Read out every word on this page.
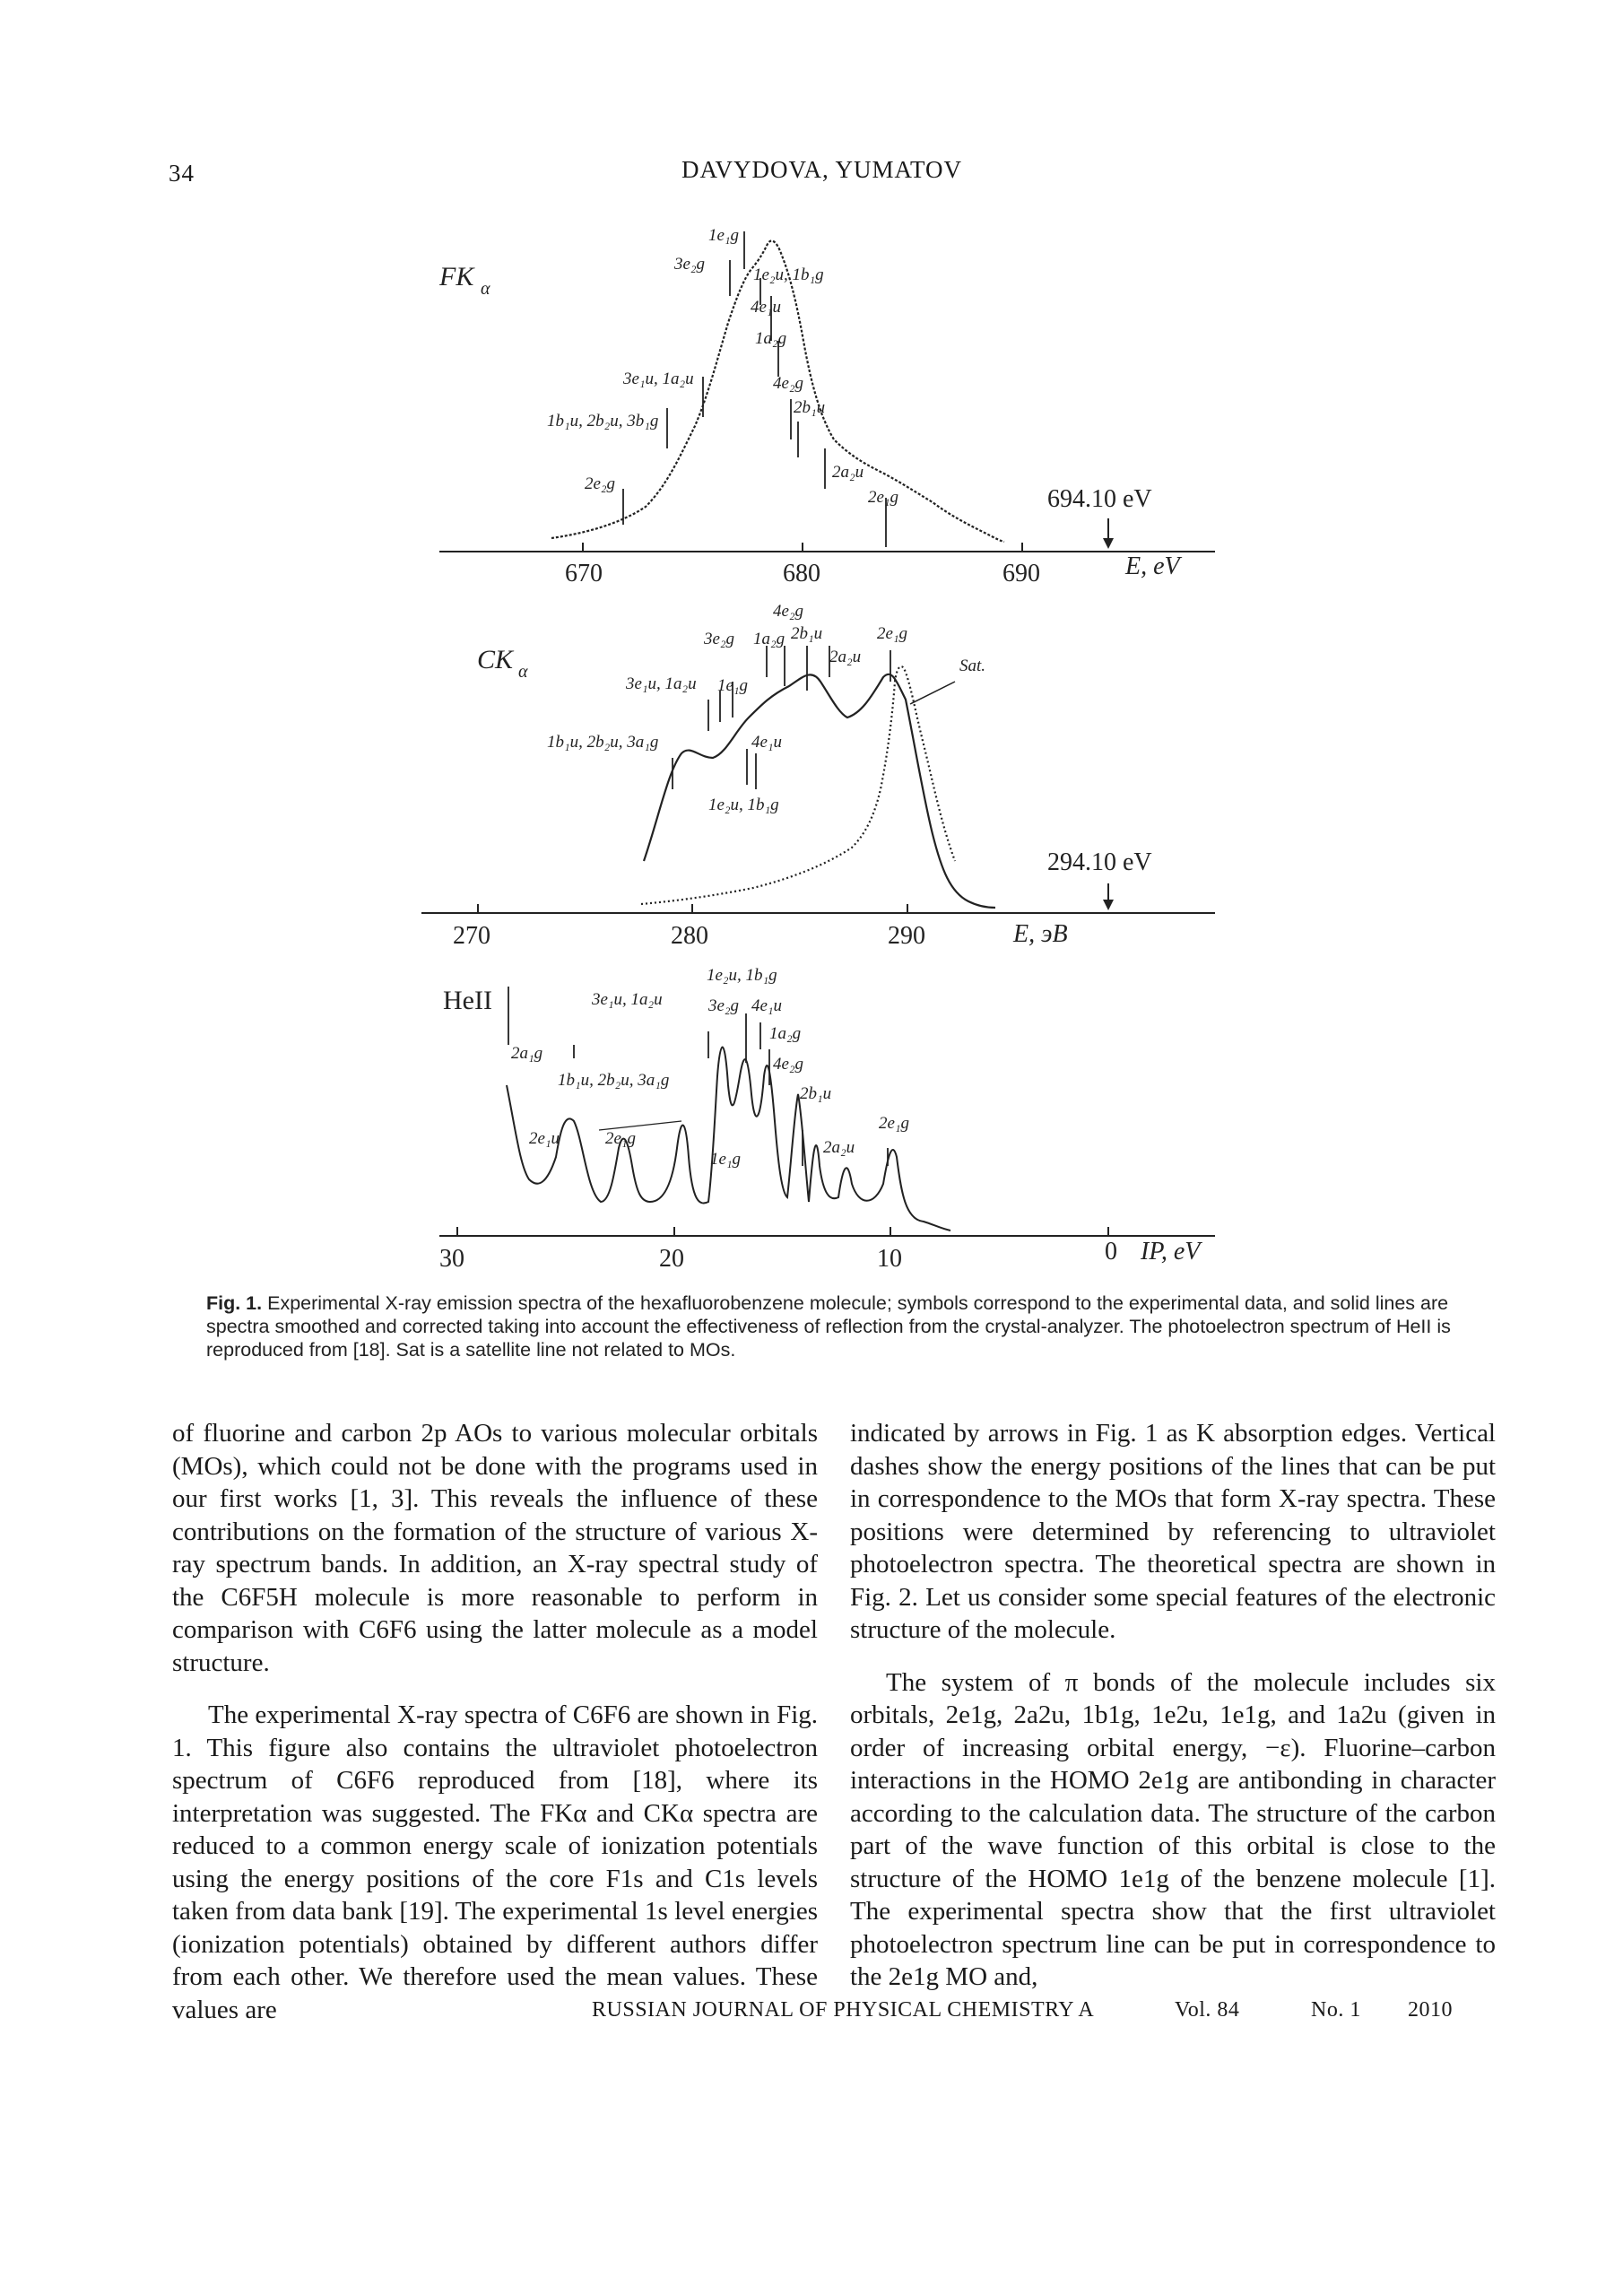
34	DAVYDOVA, YUMATOV
1e₁g
3e₂g
1e₂u, 1b₁g
4e₁u
1a₂g
3e₁u, 1a₂u	4e₂g
1b₁u, 2b₂u, 3b₁g
2b₁u
2e₂g
2a₂u
2e₁g
FK α
670	680	690	E, eV
694.10 eV
4e₂g
3e₂g 1a₂g 2b₁u	2e₁g
2a₂u
3e₁u, 1a₂u 1e₁g
1b₁u, 2b₂u, 3a₁g	4e₁u
1e₂u, 1b₁g
Sat.
CK α
270	280	290	E, эВ
294.10 eV
1e₂u, 1b₁g
3e₁u, 1a₂u	3e₂g 4e₁u
2a₁g
1a₂g
1b₁u, 2b₂u, 3a₁g
4e₂g
2b₁u
2e₁u	2e₁g
2e₁g
1e₁g
2a₂u
HeII
30	20	10	0 IP, eV
Fig. 1. Experimental X-ray emission spectra of the hexafluorobenzene molecule; symbols correspond to the experimental data, and solid lines are spectra smoothed and corrected taking into account the effectiveness of reflection from the crystal-analyzer. The photoelectron spectrum of HeII is reproduced from [18]. Sat is a satellite line not related to MOs.

of fluorine and carbon 2p AOs to various molecular orbitals (MOs), which could not be done with the programs used in our first works [1, 3]. This reveals the influence of these contributions on the formation of the structure of various X-ray spectrum bands. In addition, an X-ray spectral study of the C6F5H molecule is more reasonable to perform in comparison with C6F6 using the latter molecule as a model structure.

The experimental X-ray spectra of C6F6 are shown in Fig. 1. This figure also contains the ultraviolet photoelectron spectrum of C6F6 reproduced from [18], where its interpretation was suggested. The FKα and CKα spectra are reduced to a common energy scale of ionization potentials using the energy positions of the core F1s and C1s levels taken from data bank [19]. The experimental 1s level energies (ionization potentials) obtained by different authors differ from each other. We therefore used the mean values. These values are

indicated by arrows in Fig. 1 as K absorption edges. Vertical dashes show the energy positions of the lines that can be put in correspondence to the MOs that form X-ray spectra. These positions were determined by referencing to ultraviolet photoelectron spectra. The theoretical spectra are shown in Fig. 2. Let us consider some special features of the electronic structure of the molecule.

The system of π bonds of the molecule includes six orbitals, 2e1g, 2a2u, 1b1g, 1e2u, 1e1g, and 1a2u (given in order of increasing orbital energy, −ε). Fluorine–carbon interactions in the HOMO 2e1g are antibonding in character according to the calculation data. The structure of the carbon part of the wave function of this orbital is close to the structure of the HOMO 1e1g of the benzene molecule [1]. The experimental spectra show that the first ultraviolet photoelectron spectrum line can be put in correspondence to the 2e1g MO and,

RUSSIAN JOURNAL OF PHYSICAL CHEMISTRY A	Vol. 84	No. 1 2010
